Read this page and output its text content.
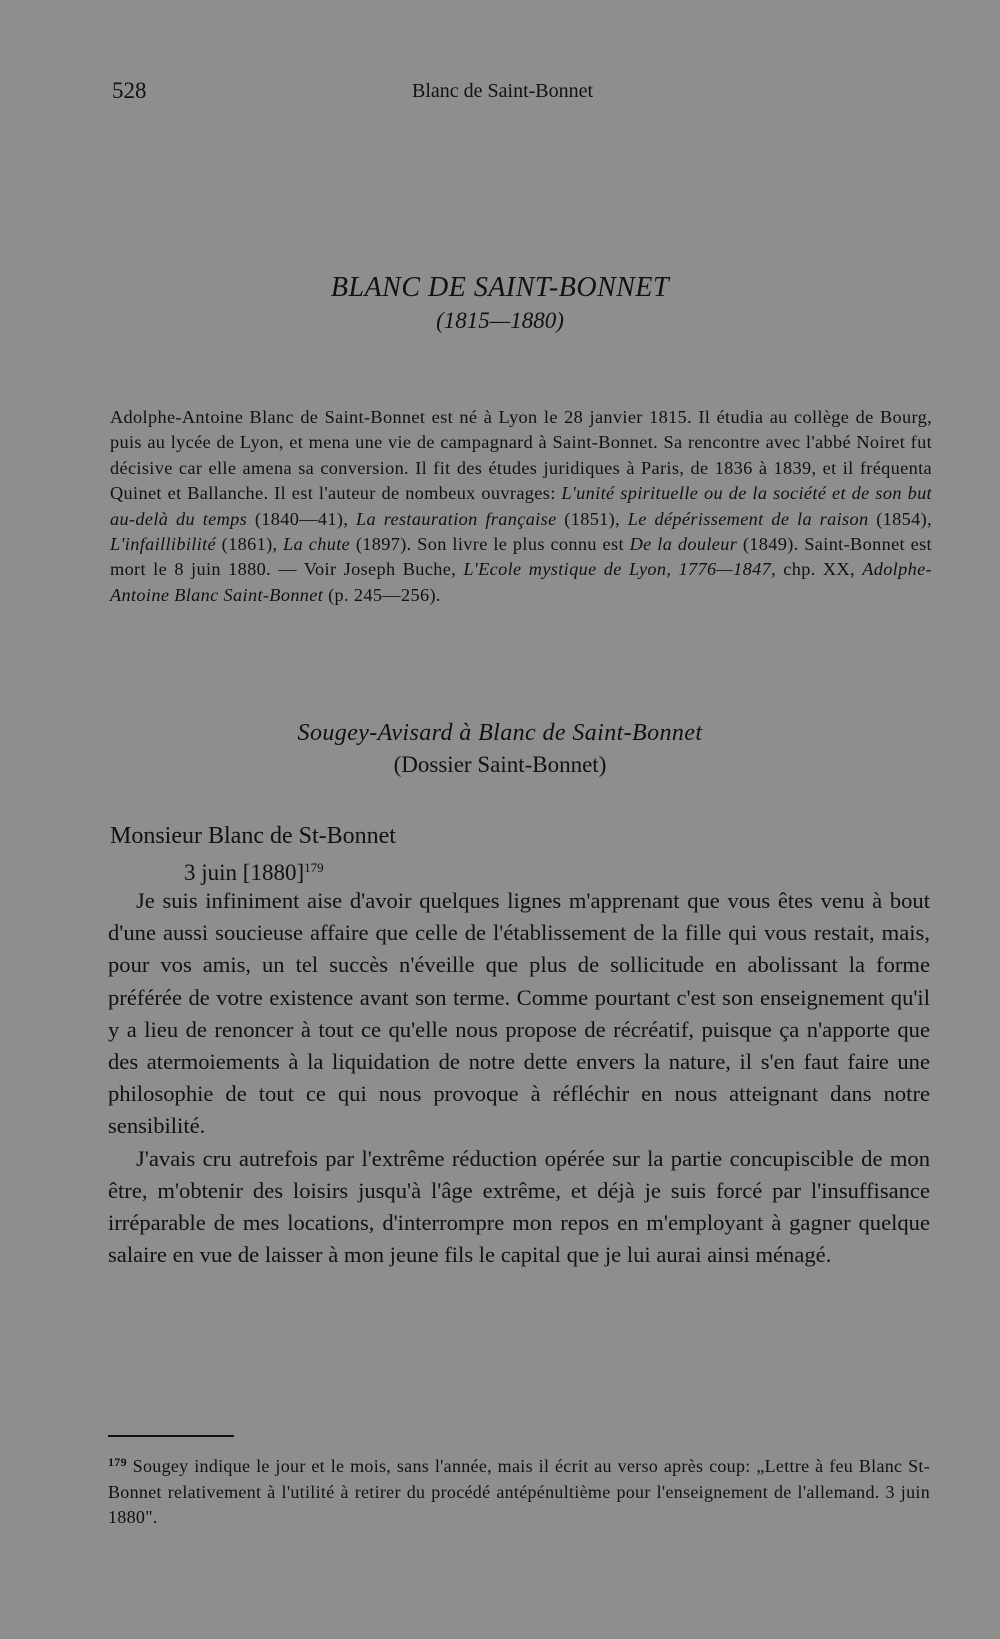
528	Blanc de Saint-Bonnet
BLANC DE SAINT-BONNET
(1815—1880)
Adolphe-Antoine Blanc de Saint-Bonnet est né à Lyon le 28 janvier 1815. Il étudia au collège de Bourg, puis au lycée de Lyon, et mena une vie de campagnard à Saint-Bonnet. Sa rencontre avec l'abbé Noiret fut décisive car elle amena sa conversion. Il fit des études juridiques à Paris, de 1836 à 1839, et il fréquenta Quinet et Ballanche. Il est l'auteur de nombeux ouvrages: L'unité spirituelle ou de la société et de son but au-delà du temps (1840—41), La restauration française (1851), Le dépérissement de la raison (1854), L'infaillibilité (1861), La chute (1897). Son livre le plus connu est De la douleur (1849). Saint-Bonnet est mort le 8 juin 1880. — Voir Joseph Buche, L'Ecole mystique de Lyon, 1776—1847, chp. XX, Adolphe-Antoine Blanc Saint-Bonnet (p. 245—256).
Sougey-Avisard à Blanc de Saint-Bonnet
(Dossier Saint-Bonnet)
Monsieur Blanc de St-Bonnet
3 juin [1880]$^{179}$

Je suis infiniment aise d'avoir quelques lignes m'apprenant que vous êtes venu à bout d'une aussi soucieuse affaire que celle de l'établissement de la fille qui vous restait, mais, pour vos amis, un tel succès n'éveille que plus de sollicitude en abolissant la forme préférée de votre existence avant son terme. Comme pourtant c'est son enseignement qu'il y a lieu de renoncer à tout ce qu'elle nous propose de récréatif, puisque ça n'apporte que des atermoiements à la liquidation de notre dette envers la nature, il s'en faut faire une philosophie de tout ce qui nous provoque à réfléchir en nous atteignant dans notre sensibilité.

J'avais cru autrefois par l'extrême réduction opérée sur la partie concupiscible de mon être, m'obtenir des loisirs jusqu'à l'âge extrême, et déjà je suis forcé par l'insuffisance irréparable de mes locations, d'interrompre mon repos en m'employant à gagner quelque salaire en vue de laisser à mon jeune fils le capital que je lui aurai ainsi ménagé.

$^{179}$ Sougey indique le jour et le mois, sans l'année, mais il écrit au verso après coup: „Lettre à feu Blanc St-Bonnet relativement à l'utilité à retirer du procédé antépénultième pour l'enseignement de l'allemand. 3 juin 1880".
